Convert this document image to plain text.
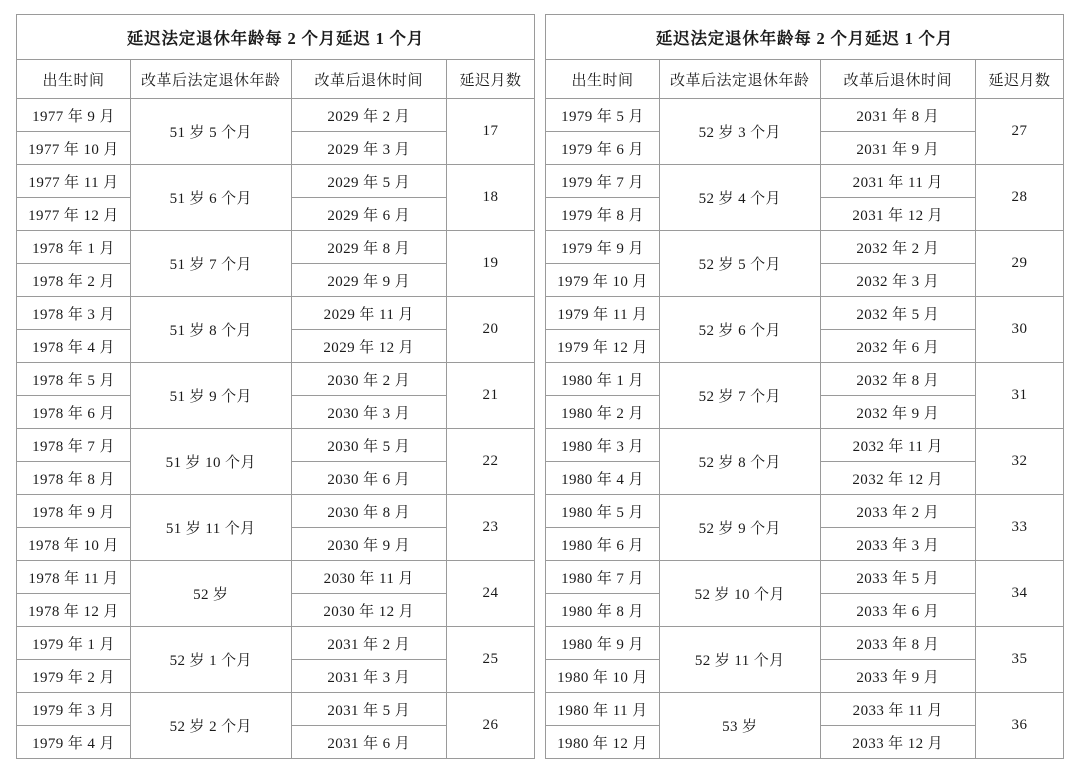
延迟法定退休年龄每 2 个月延迟 1 个月			
出生时间	改革后法定退休年龄	改革后退休时间	延迟月数
1977 年 9 月	51 岁 5 个月	2029 年 2 月	17
1977 年 10 月		2029 年 3 月	
1977 年 11 月	51 岁 6 个月	2029 年 5 月	18
1977 年 12 月		2029 年 6 月	
1978 年 1 月	51 岁 7 个月	2029 年 8 月	19
1978 年 2 月		2029 年 9 月	
1978 年 3 月	51 岁 8 个月	2029 年 11 月	20
1978 年 4 月		2029 年 12 月	
1978 年 5 月	51 岁 9 个月	2030 年 2 月	21
1978 年 6 月		2030 年 3 月	
1978 年 7 月	51 岁 10 个月	2030 年 5 月	22
1978 年 8 月		2030 年 6 月	
1978 年 9 月	51 岁 11 个月	2030 年 8 月	23
1978 年 10 月		2030 年 9 月	
1978 年 11 月	52 岁	2030 年 11 月	24
1978 年 12 月		2030 年 12 月	
1979 年 1 月	52 岁 1 个月	2031 年 2 月	25
1979 年 2 月		2031 年 3 月	
1979 年 3 月	52 岁 2 个月	2031 年 5 月	26
1979 年 4 月		2031 年 6 月	
延迟法定退休年龄每 2 个月延迟 1 个月			
出生时间	改革后法定退休年龄	改革后退休时间	延迟月数
1979 年 5 月	52 岁 3 个月	2031 年 8 月	27
1979 年 6 月		2031 年 9 月	
1979 年 7 月	52 岁 4 个月	2031 年 11 月	28
1979 年 8 月		2031 年 12 月	
1979 年 9 月	52 岁 5 个月	2032 年 2 月	29
1979 年 10 月		2032 年 3 月	
1979 年 11 月	52 岁 6 个月	2032 年 5 月	30
1979 年 12 月		2032 年 6 月	
1980 年 1 月	52 岁 7 个月	2032 年 8 月	31
1980 年 2 月		2032 年 9 月	
1980 年 3 月	52 岁 8 个月	2032 年 11 月	32
1980 年 4 月		2032 年 12 月	
1980 年 5 月	52 岁 9 个月	2033 年 2 月	33
1980 年 6 月		2033 年 3 月	
1980 年 7 月	52 岁 10 个月	2033 年 5 月	34
1980 年 8 月		2033 年 6 月	
1980 年 9 月	52 岁 11 个月	2033 年 8 月	35
1980 年 10 月		2033 年 9 月	
1980 年 11 月	53 岁	2033 年 11 月	36
1980 年 12 月		2033 年 12 月	
